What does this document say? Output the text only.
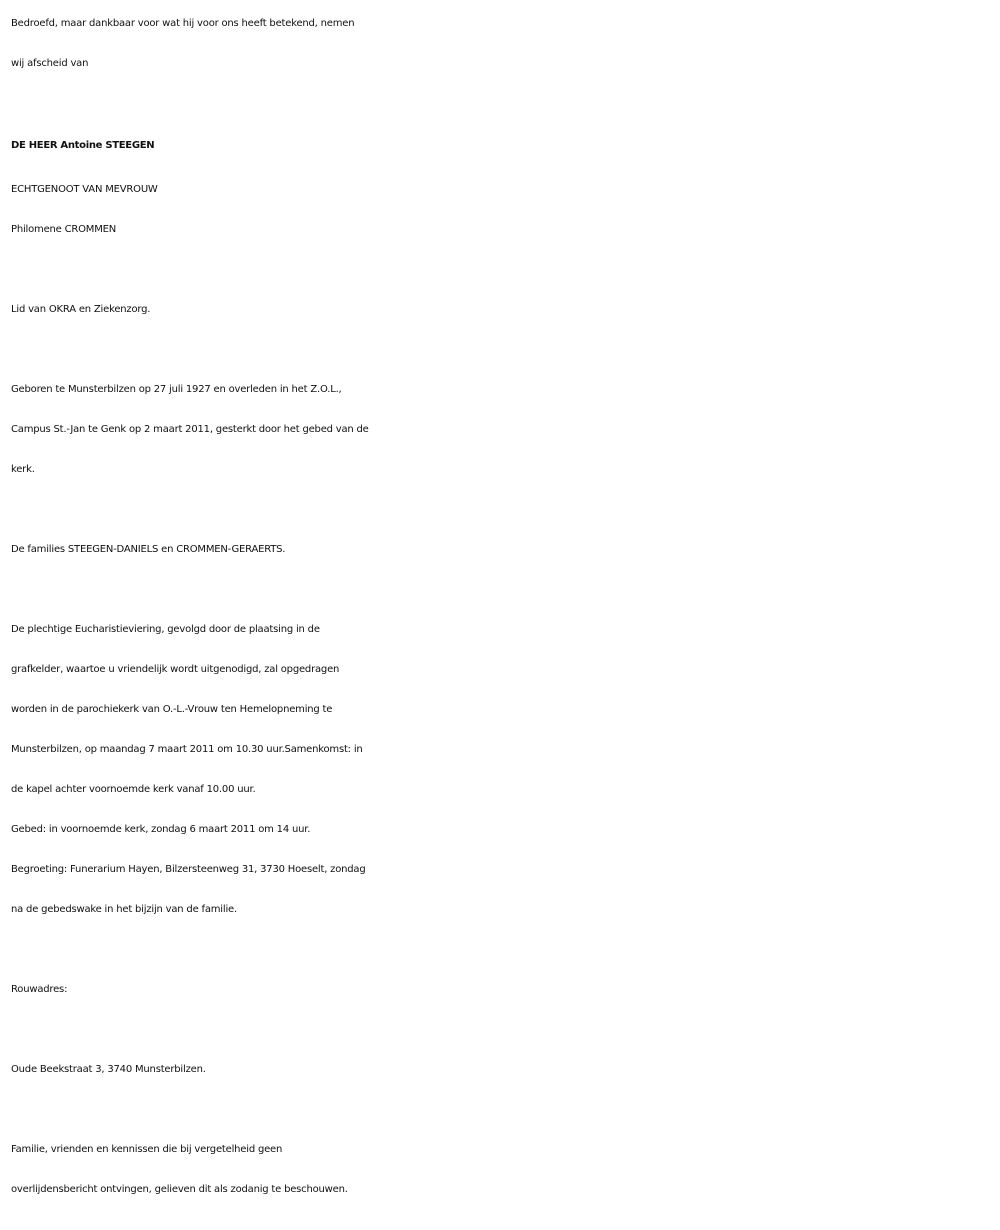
Bedroefd, maar dankbaar voor wat hij voor ons heeft betekend, nemen
wij afscheid van
DE HEER Antoine STEEGEN
ECHTGENOOT VAN MEVROUW
Philomene CROMMEN
Lid van OKRA en Ziekenzorg.
Geboren te Munsterbilzen op 27 juli 1927 en overleden in het Z.O.L.,
Campus St.-Jan te Genk op 2 maart 2011, gesterkt door het gebed van de
kerk.
De families STEEGEN-DANIELS en CROMMEN-GERAERTS.
De plechtige Eucharistieviering, gevolgd door de plaatsing in de
grafkelder, waartoe u vriendelijk wordt uitgenodigd, zal opgedragen
worden in de parochiekerk van O.-L.-Vrouw ten Hemelopneming te
Munsterbilzen, op maandag 7 maart 2011 om 10.30 uur.Samenkomst: in
de kapel achter voornoemde kerk vanaf 10.00 uur.
Gebed: in voornoemde kerk, zondag 6 maart 2011 om 14 uur.
Begroeting: Funerarium Hayen, Bilzersteenweg 31, 3730 Hoeselt, zondag
na de gebedswake in het bijzijn van de familie.
Rouwadres:
Oude Beekstraat 3, 3740 Munsterbilzen.
Familie, vrienden en kennissen die bij vergetelheid geen
overlijdensbericht ontvingen, gelieven dit als zodanig te beschouwen.
